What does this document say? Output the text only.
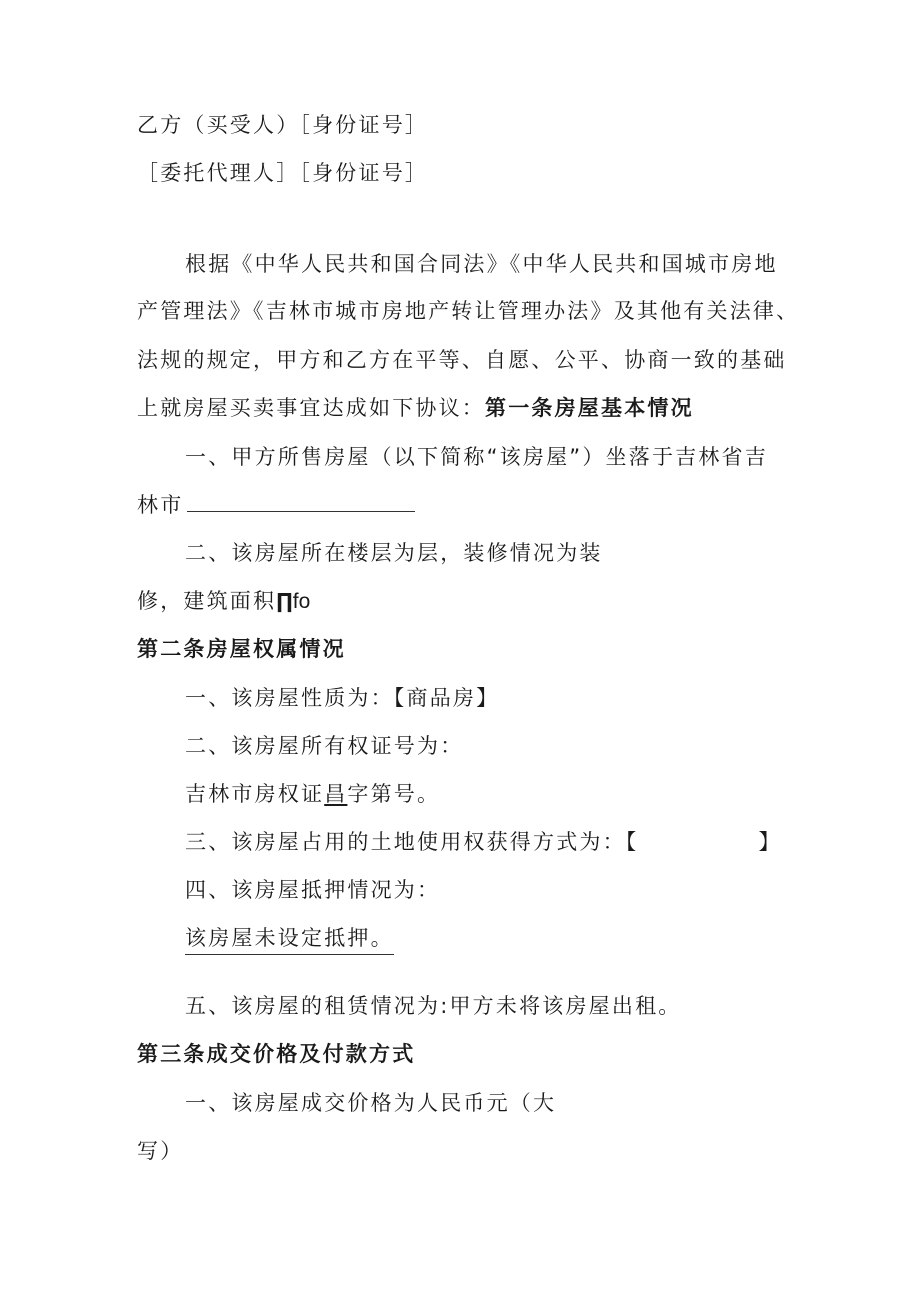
乙方（买受人）［身份证号］
［委托代理人］［身份证号］
根据《中华人民共和国合同法》《中华人民共和国城市房地
产管理法》《吉林市城市房地产转让管理办法》及其他有关法律、
法规的规定，甲方和乙方在平等、自愿、公平、协商一致的基础
上就房屋买卖事宜达成如下协议：第一条房屋基本情况
一、甲方所售房屋（以下简称“该房屋”）坐落于吉林省吉
林市
二、该房屋所在楼层为层，装修情况为装
修，建筑面积∏fo
第二条房屋权属情况
一、该房屋性质为：【商品房】
二、该房屋所有权证号为：
吉林市房权证昌字第号。
三、该房屋占用的土地使用权获得方式为：【	】
四、该房屋抵押情况为：
该房屋未设定抵押。
五、该房屋的租赁情况为:甲方未将该房屋出租。
第三条成交价格及付款方式
一、该房屋成交价格为人民币元（大
写）
